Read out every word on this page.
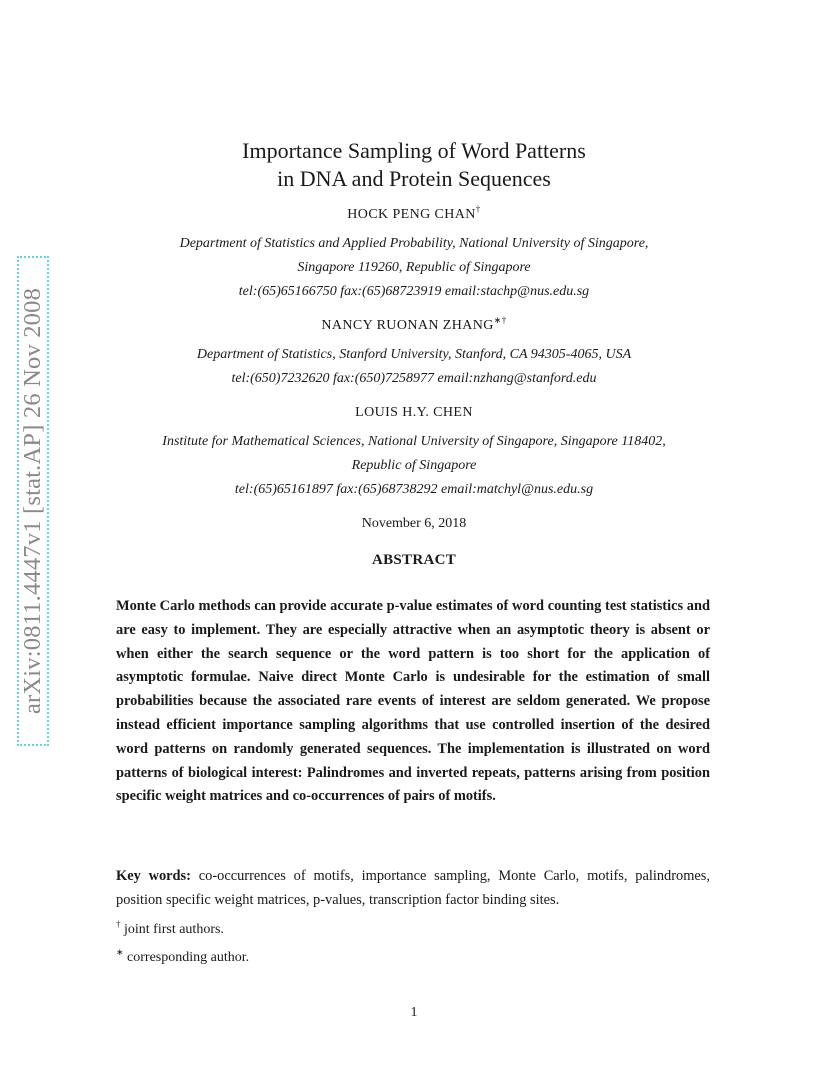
arXiv:0811.4447v1 [stat.AP] 26 Nov 2008
Importance Sampling of Word Patterns
in DNA and Protein Sequences
HOCK PENG CHAN†
Department of Statistics and Applied Probability, National University of Singapore,
Singapore 119260, Republic of Singapore
tel:(65)65166750 fax:(65)68723919 email:stachp@nus.edu.sg
NANCY RUONAN ZHANG∗†
Department of Statistics, Stanford University, Stanford, CA 94305-4065, USA
tel:(650)7232620 fax:(650)7258977 email:nzhang@stanford.edu
LOUIS H.Y. CHEN
Institute for Mathematical Sciences, National University of Singapore, Singapore 118402,
Republic of Singapore
tel:(65)65161897 fax:(65)68738292 email:matchyl@nus.edu.sg
November 6, 2018
ABSTRACT
Monte Carlo methods can provide accurate p-value estimates of word counting test statistics and are easy to implement. They are especially attractive when an asymptotic theory is absent or when either the search sequence or the word pattern is too short for the application of asymptotic formulae. Naive direct Monte Carlo is undesirable for the estimation of small probabilities because the associated rare events of interest are seldom generated. We propose instead efficient importance sampling algorithms that use controlled insertion of the desired word patterns on randomly generated sequences. The implementation is illustrated on word patterns of biological interest: Palindromes and inverted repeats, patterns arising from position specific weight matrices and co-occurrences of pairs of motifs.
Key words: co-occurrences of motifs, importance sampling, Monte Carlo, motifs, palindromes, position specific weight matrices, p-values, transcription factor binding sites.
† joint first authors.
∗ corresponding author.
1
